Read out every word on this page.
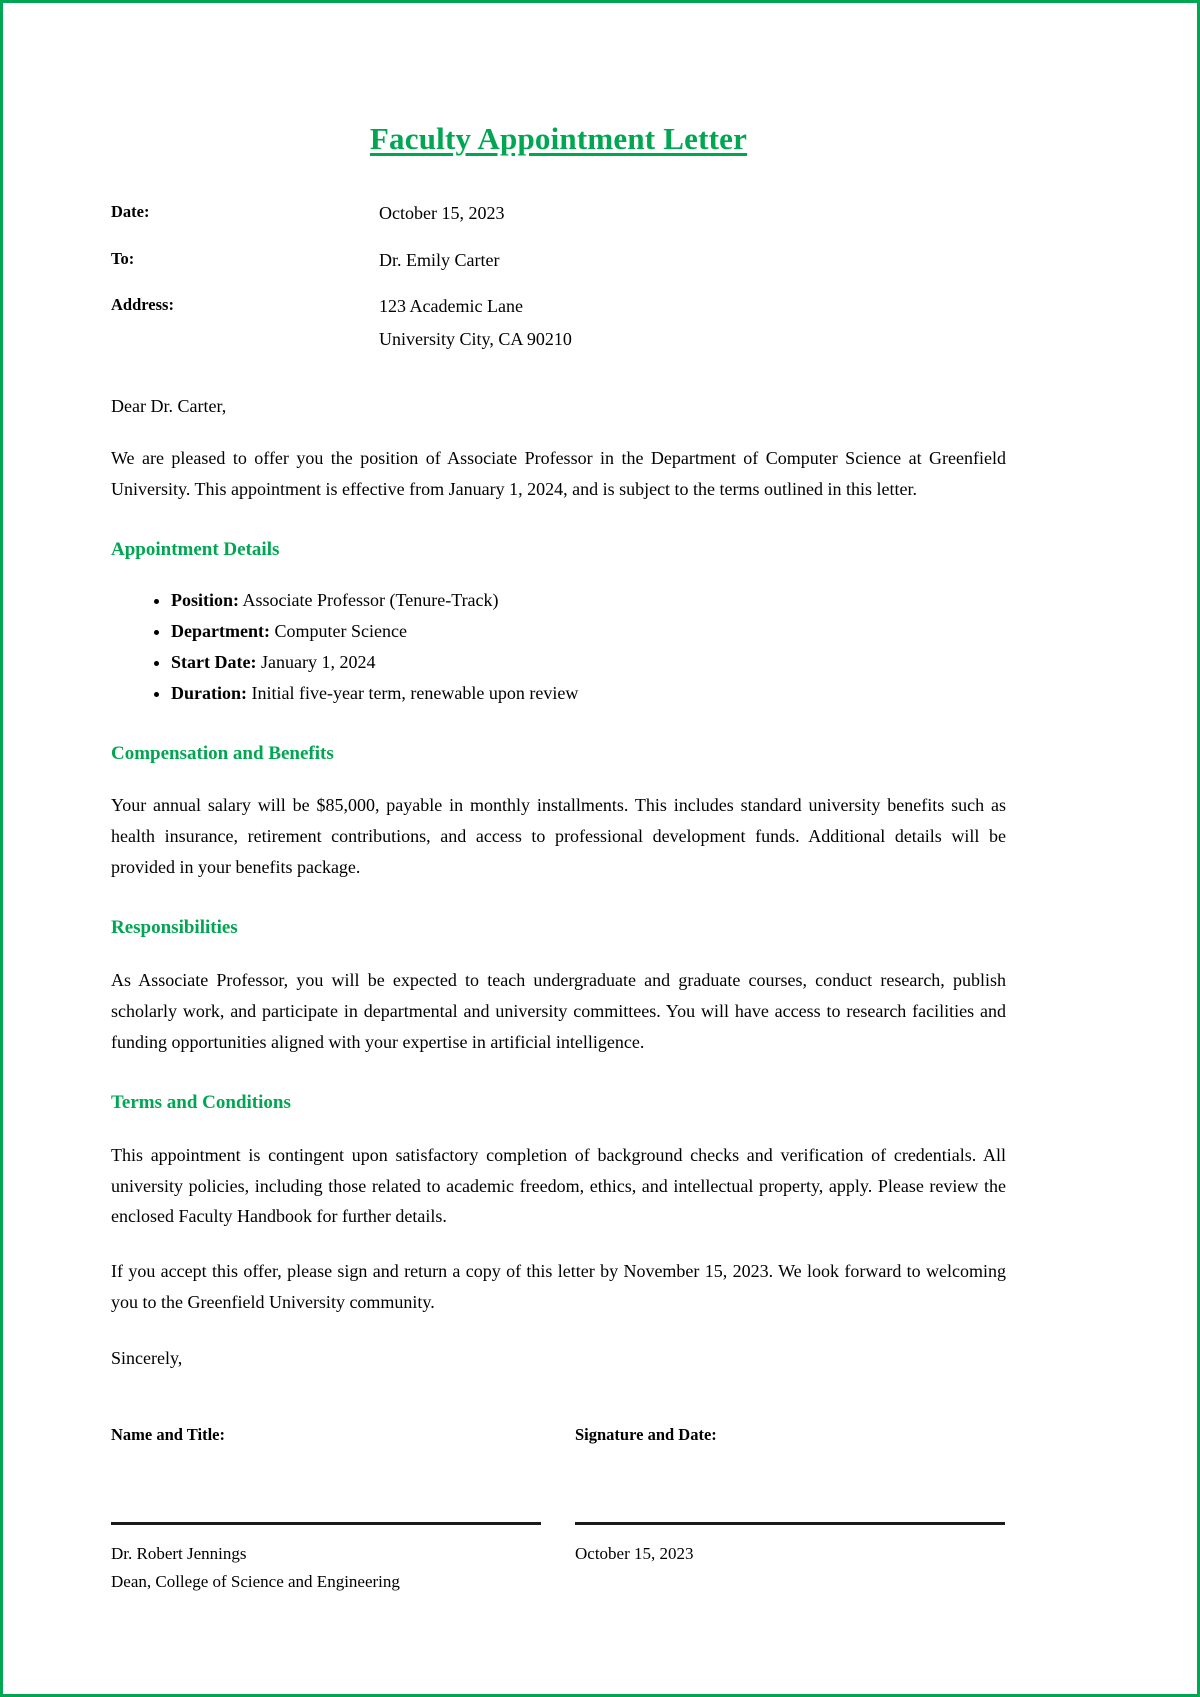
Faculty Appointment Letter
Date:	October 15, 2023
To:	Dr. Emily Carter
Address:	123 Academic Lane
University City, CA 90210
Dear Dr. Carter,

We are pleased to offer you the position of Associate Professor in the Department of Computer Science at Greenfield University. This appointment is effective from January 1, 2024, and is subject to the terms outlined in this letter.

Appointment Details
• Position: Associate Professor (Tenure-Track)
• Department: Computer Science
• Start Date: January 1, 2024
• Duration: Initial five-year term, renewable upon review
Compensation and Benefits

Your annual salary will be $85,000, payable in monthly installments. This includes standard university benefits such as health insurance, retirement contributions, and access to professional development funds. Additional details will be provided in your benefits package.

Responsibilities

As Associate Professor, you will be expected to teach undergraduate and graduate courses, conduct research, publish scholarly work, and participate in departmental and university committees. You will have access to research facilities and funding opportunities aligned with your expertise in artificial intelligence.

Terms and Conditions

This appointment is contingent upon satisfactory completion of background checks and verification of credentials. All university policies, including those related to academic freedom, ethics, and intellectual property, apply. Please review the enclosed Faculty Handbook for further details.

If you accept this offer, please sign and return a copy of this letter by November 15, 2023. We look forward to welcoming you to the Greenfield University community.

Sincerely,
Name and Title:
Dr. Robert Jennings
Dean, College of Science and Engineering
Signature and Date:
October 15, 2023
